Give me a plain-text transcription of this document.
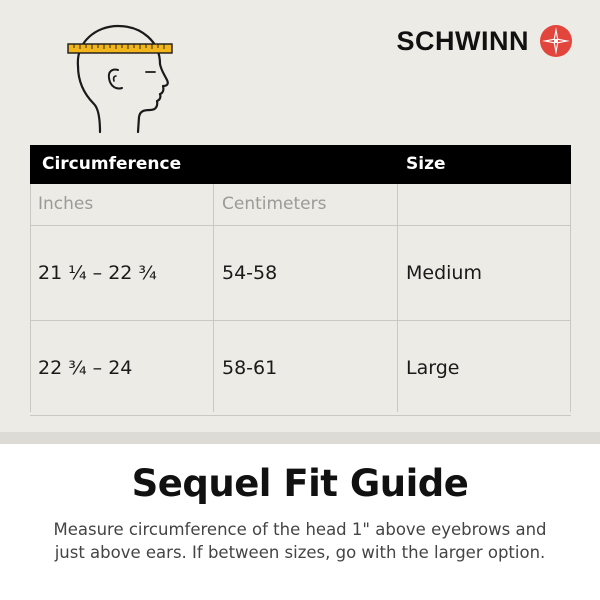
SCHWINN
Circumference	Size
Inches	Centimeters
21 ¼ – 22 ¾	54-58	Medium
22 ¾ – 24	58-61	Large
Sequel Fit Guide
Measure circumference of the head 1" above eyebrows and just above ears. If between sizes, go with the larger option.
